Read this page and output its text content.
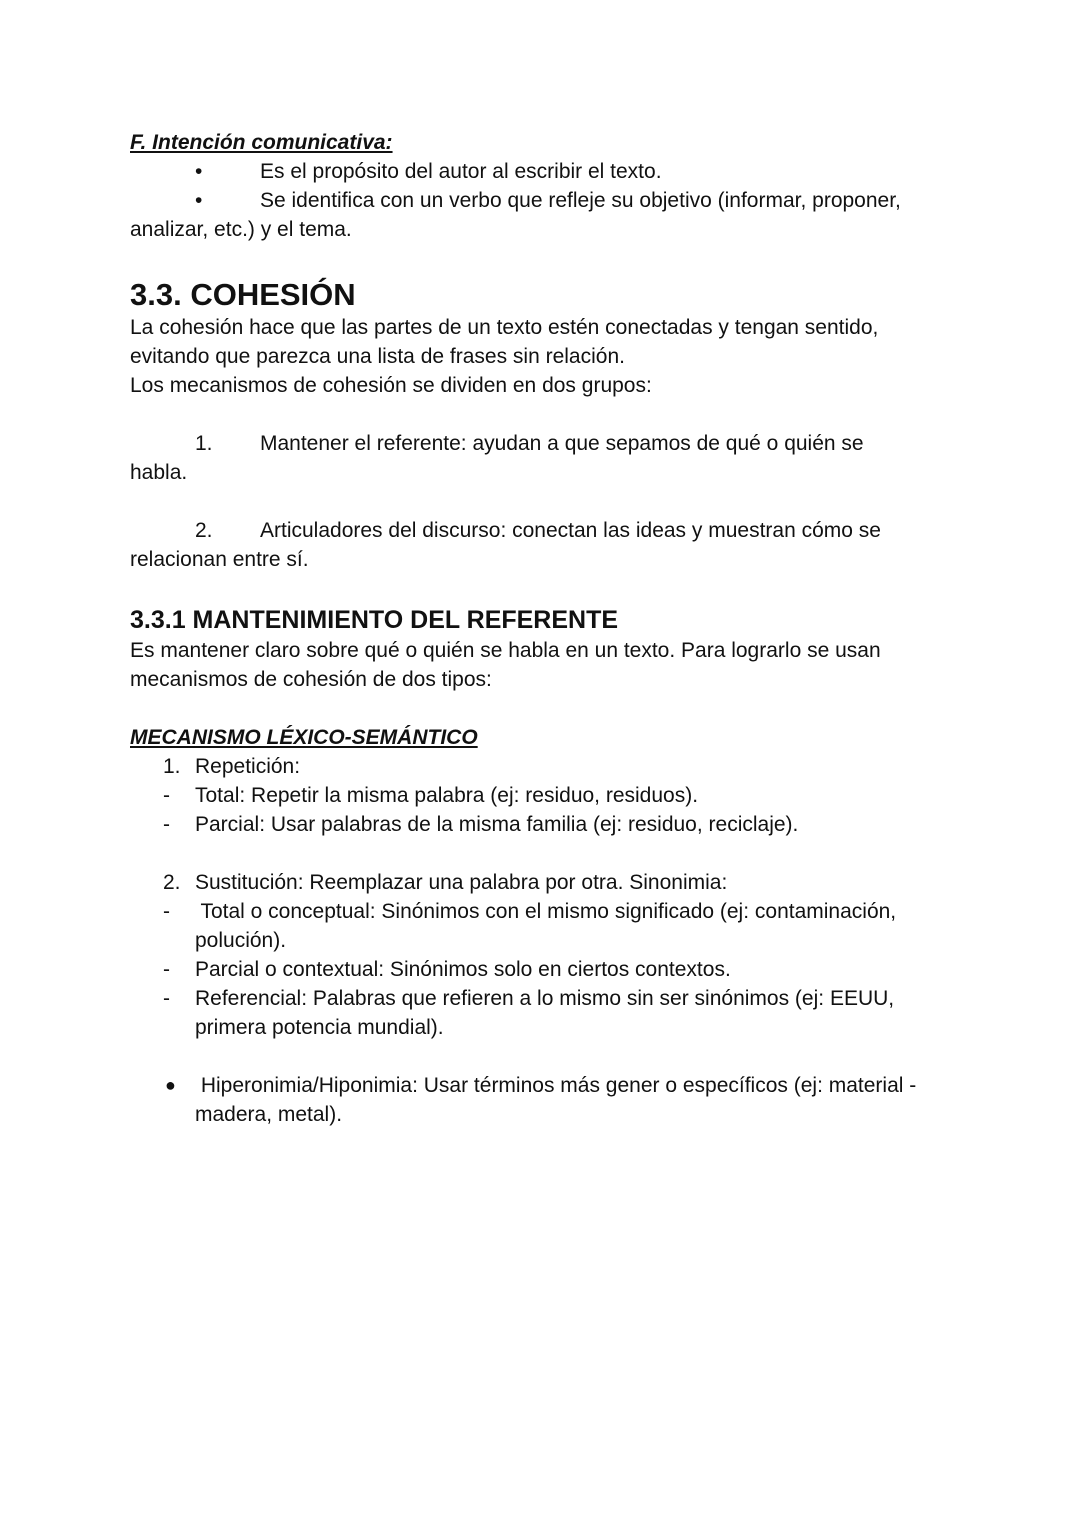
F. Intención comunicativa:

•	Es el propósito del autor al escribir el texto.
•	Se identifica con un verbo que refleje su objetivo (informar, proponer,
analizar, etc.) y el tema.
3.3. COHESIÓN
La cohesión hace que las partes de un texto estén conectadas y tengan sentido,
evitando que parezca una lista de frases sin relación.
Los mecanismos de cohesión se dividen en dos grupos:
1. Mantener el referente: ayudan a que sepamos de qué o quién se
habla.
2. Articuladores del discurso: conectan las ideas y muestran cómo se
relacionan entre sí.
3.3.1 MANTENIMIENTO DEL REFERENTE
Es mantener claro sobre qué o quién se habla en un texto. Para lograrlo se usan
mecanismos de cohesión de dos tipos:

MECANISMO LÉXICO-SEMÁNTICO

1. Repetición:
- Total: Repetir la misma palabra (ej: residuo, residuos).
- Parcial: Usar palabras de la misma familia (ej: residuo, reciclaje).
2. Sustitución: Reemplazar una palabra por otra. Sinonimia:
- Total o conceptual: Sinónimos con el mismo significado (ej: contaminación,
polución).
- Parcial o contextual: Sinónimos solo en ciertos contextos.
- Referencial: Palabras que refieren a lo mismo sin ser sinónimos (ej: EEUU,
primera potencia mundial).
● Hiperonimia/Hiponimia: Usar términos más gener o específicos (ej: material -
madera, metal).
